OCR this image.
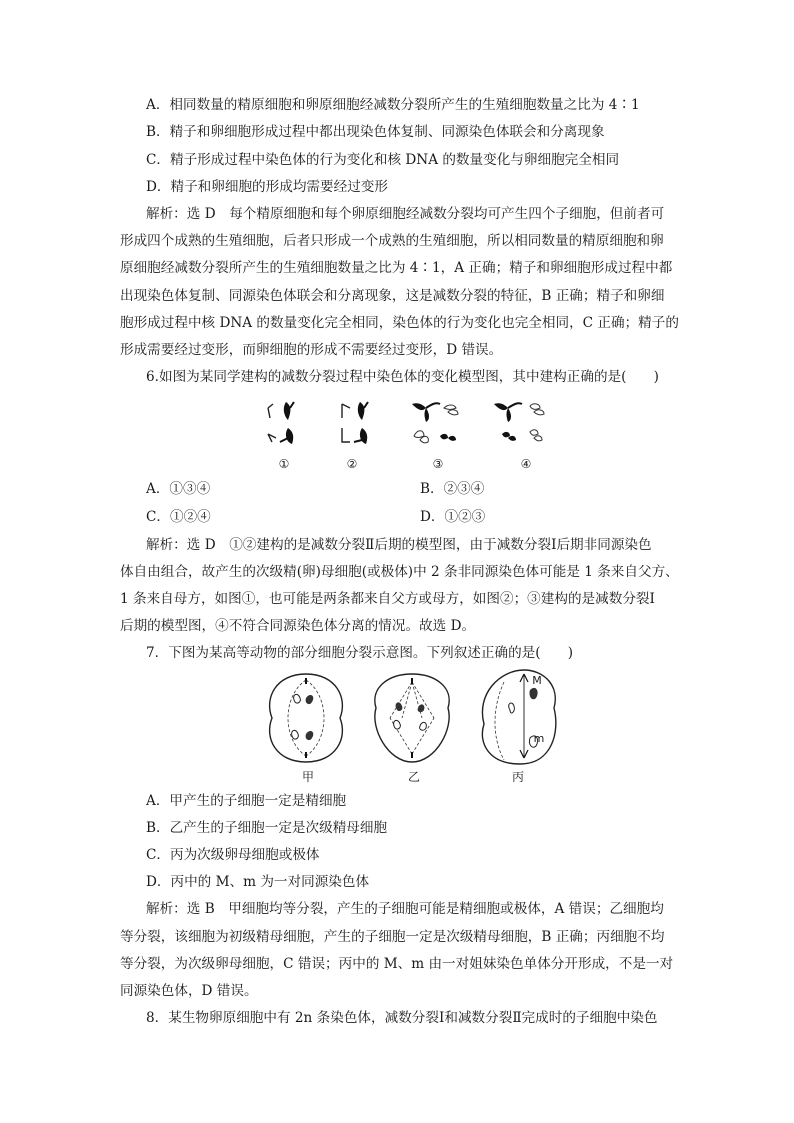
A．相同数量的精原细胞和卵原细胞经减数分裂所产生的生殖细胞数量之比为 4∶1
B．精子和卵细胞形成过程中都出现染色体复制、同源染色体联会和分离现象
C．精子形成过程中染色体的行为变化和核 DNA 的数量变化与卵细胞完全相同
D．精子和卵细胞的形成均需要经过变形
解析：选 D　每个精原细胞和每个卵原细胞经减数分裂均可产生四个子细胞，但前者可
形成四个成熟的生殖细胞，后者只形成一个成熟的生殖细胞，所以相同数量的精原细胞和卵
原细胞经减数分裂所产生的生殖细胞数量之比为 4∶1，A 正确；精子和卵细胞形成过程中都
出现染色体复制、同源染色体联会和分离现象，这是减数分裂的特征，B 正确；精子和卵细
胞形成过程中核 DNA 的数量变化完全相同，染色体的行为变化也完全相同，C 正确；精子的
形成需要经过变形，而卵细胞的形成不需要经过变形，D 错误。
6.如图为某同学建构的减数分裂过程中染色体的变化模型图，其中建构正确的是(　　)
①	②	③	④
A．①③④	B．②③④
C．①②④	D．①②③
解析：选 D　①②建构的是减数分裂Ⅱ后期的模型图，由于减数分裂Ⅰ后期非同源染色
体自由组合，故产生的次级精(卵)母细胞(或极体)中 2 条非同源染色体可能是 1 条来自父方、
1 条来自母方，如图①，也可能是两条都来自父方或母方，如图②；③建构的是减数分裂Ⅰ
后期的模型图，④不符合同源染色体分离的情况。故选 D。
7．下图为某高等动物的部分细胞分裂示意图。下列叙述正确的是(　　)
M
m
甲	乙	丙
A．甲产生的子细胞一定是精细胞
B．乙产生的子细胞一定是次级精母细胞
C．丙为次级卵母细胞或极体
D．丙中的 M、m 为一对同源染色体
解析：选 B　甲细胞均等分裂，产生的子细胞可能是精细胞或极体，A 错误；乙细胞均
等分裂，该细胞为初级精母细胞，产生的子细胞一定是次级精母细胞，B 正确；丙细胞不均
等分裂，为次级卵母细胞，C 错误；丙中的 M、m 由一对姐妹染色单体分开形成，不是一对
同源染色体，D 错误。
8．某生物卵原细胞中有 2n 条染色体，减数分裂Ⅰ和减数分裂Ⅱ完成时的子细胞中染色
